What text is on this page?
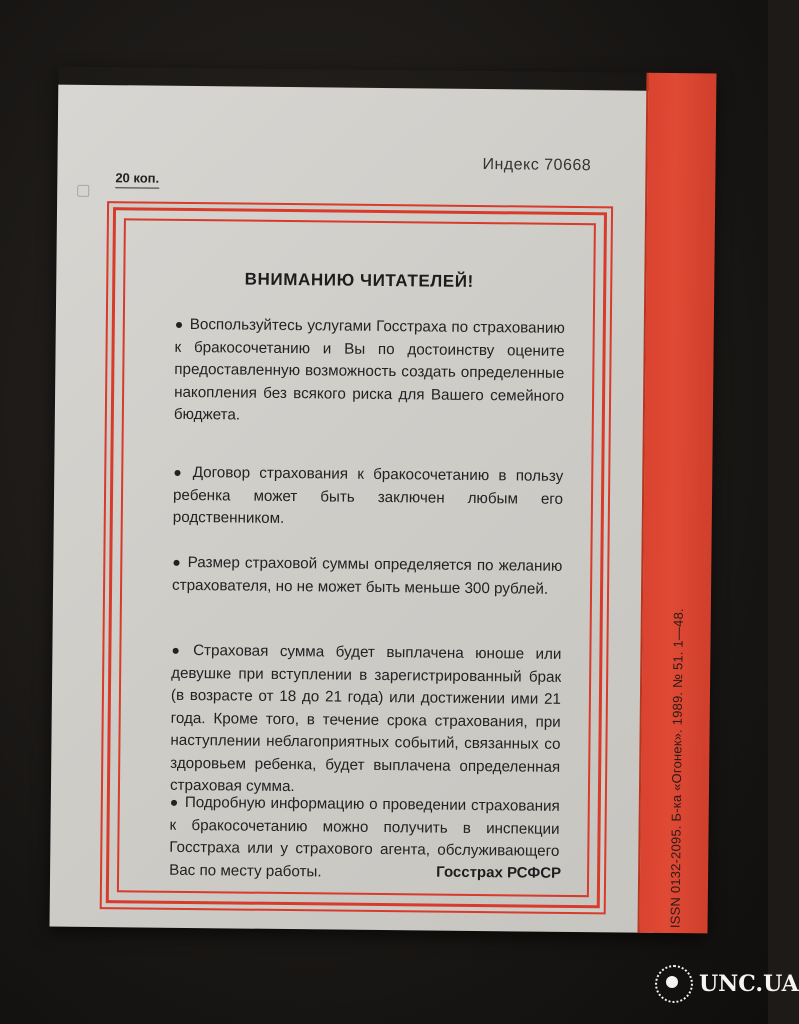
20 коп.
Индекс 70668
ВНИМАНИЮ ЧИТАТЕЛЕЙ!
● Воспользуйтесь услугами Госстраха по страхованию к бракосочетанию и Вы по достоинству оцените предоставленную возможность создать определенные накопления без всякого риска для Вашего семейного бюджета.
● Договор страхования к бракосочетанию в пользу ребенка может быть заключен любым его родственником.
● Размер страховой суммы определяется по желанию страхователя, но не может быть меньше 300 рублей.
● Страховая сумма будет выплачена юноше или девушке при вступлении в зарегистрированный брак (в возрасте от 18 до 21 года) или достижении ими 21 года. Кроме того, в течение срока страхования, при наступлении неблагоприятных событий, связанных со здоровьем ребенка, будет выплачена определенная страховая сумма.
● Подробную информацию о проведении страхования к бракосочетанию можно получить в инспекции Госстраха или у страхового агента, обслуживающего Вас по месту работы.	Госстрах РСФСР	ISSN 0132-2095. Б-ка «Огонек». 1989. № 51. 1—48.
UNC.UA
